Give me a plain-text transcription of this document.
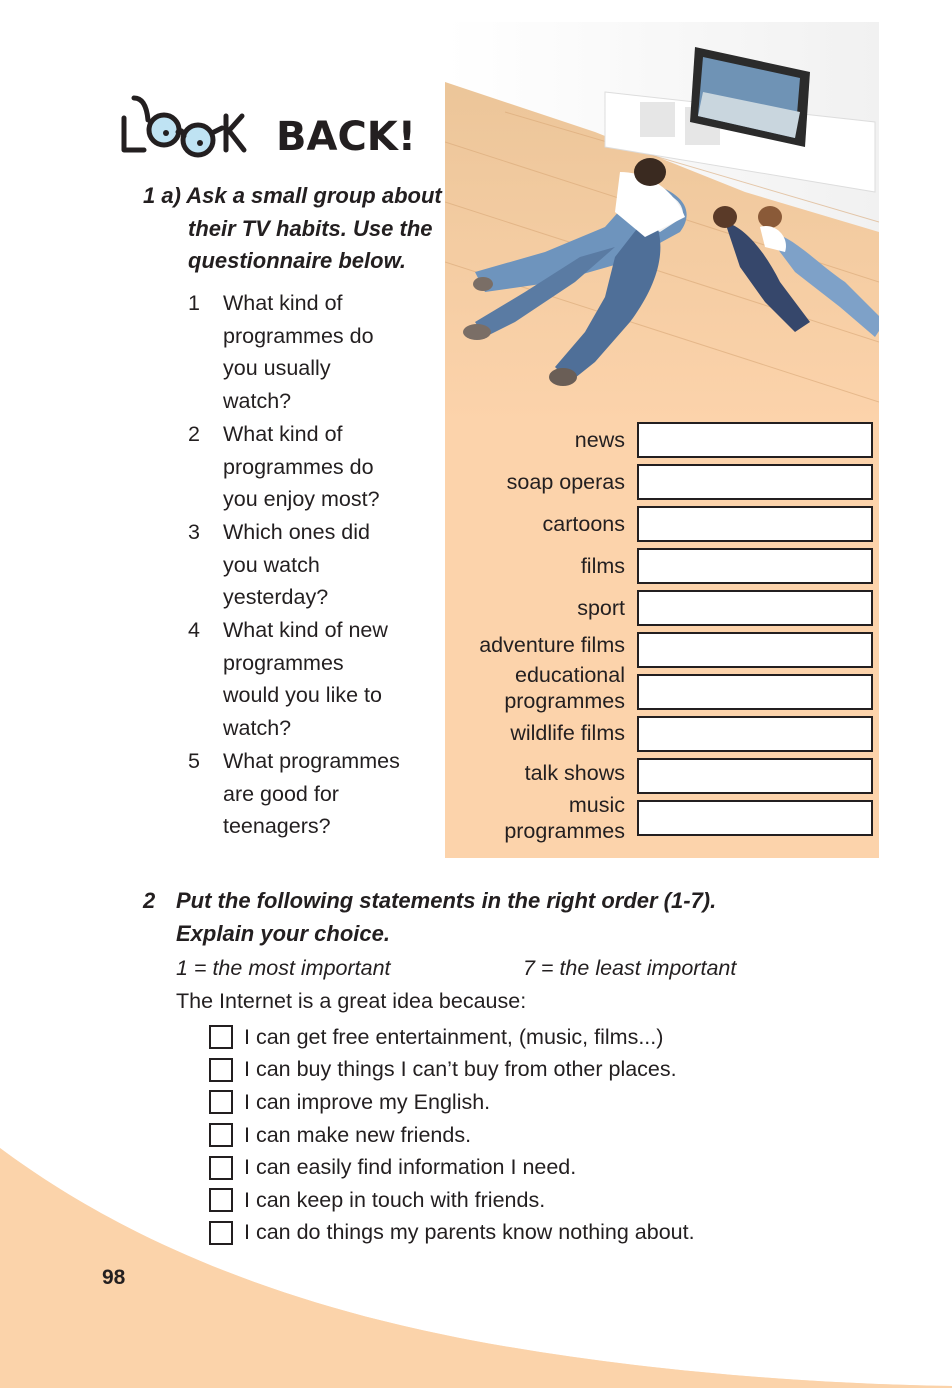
BACK!
1 a) Ask a small group about
their TV habits. Use the
questionnaire below.
1	What kind of
programmes do
you usually
watch?
2	What kind of
programmes do
you enjoy most?
3	Which ones did
you watch
yesterday?
4	What kind of new
programmes
would you like to
watch?
5	What programmes
are good for
teenagers?
news
soap operas
cartoons
films
sport
adventure films
educational
programmes
wildlife films
talk shows
music
programmes
2 Put the following statements in the right order (1-7).
Explain your choice.
1 = the most important	7 = the least important
The Internet is a great idea because:
I can get free entertainment, (music, films...)
I can buy things I can’t buy from other places.
I can improve my English.
I can make new friends.
I can easily find information I need.
I can keep in touch with friends.
I can do things my parents know nothing about.
98
